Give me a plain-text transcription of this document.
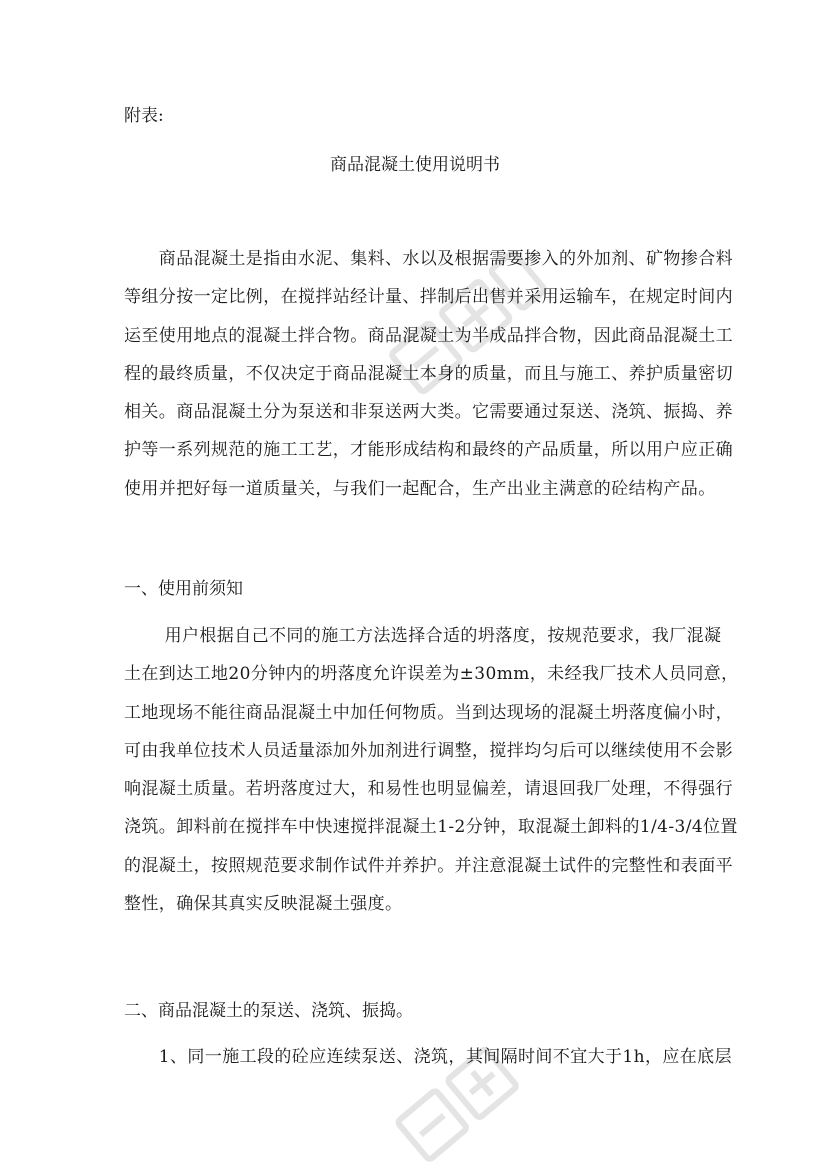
附表:
商品混凝土使用说明书
　　商品混凝土是指由水泥、集料、水以及根据需要掺入的外加剂、矿物掺合料
等组分按一定比例，在搅拌站经计量、拌制后出售并采用运输车，在规定时间内
运至使用地点的混凝土拌合物。商品混凝土为半成品拌合物，因此商品混凝土工
程的最终质量，不仅决定于商品混凝土本身的质量，而且与施工、养护质量密切
相关。商品混凝土分为泵送和非泵送两大类。它需要通过泵送、浇筑、振捣、养
护等一系列规范的施工工艺，才能形成结构和最终的产品质量，所以用户应正确
使用并把好每一道质量关，与我们一起配合，生产出业主满意的砼结构产品。
一、使用前须知
　　 用户根据自己不同的施工方法选择合适的坍落度，按规范要求，我厂混凝
土在到达工地20分钟内的坍落度允许误差为±30mm，未经我厂技术人员同意，
工地现场不能往商品混凝土中加任何物质。当到达现场的混凝土坍落度偏小时，
可由我单位技术人员适量添加外加剂进行调整，搅拌均匀后可以继续使用不会影
响混凝土质量。若坍落度过大，和易性也明显偏差，请退回我厂处理，不得强行
浇筑。卸料前在搅拌车中快速搅拌混凝土1-2分钟，取混凝土卸料的1/4-3/4位置
的混凝土，按照规范要求制作试件并养护。并注意混凝土试件的完整性和表面平
整性，确保其真实反映混凝土强度。
二、商品混凝土的泵送、浇筑、振捣。
　　1、同一施工段的砼应连续泵送、浇筑，其间隔时间不宜大于1h，应在底层
